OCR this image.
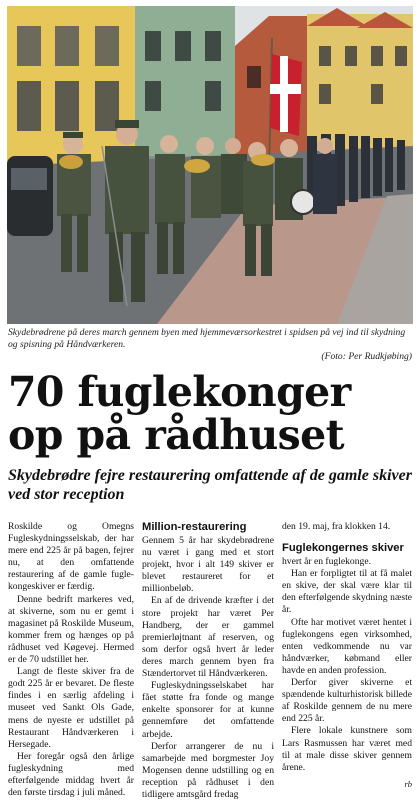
Skydebrødrene på deres march gennem byen med hjemmeværsorkestret i spidsen på vej ind til skydning og spisning på Håndværkeren.
(Foto: Per Rudkjøbing)
70 fuglekonger op på rådhuset
Skydebrødre fejre restaurering omfattende af de gamle skiver ved stor reception

Roskilde og Omegns Fugleskydningsselskab, der har mere end 225 år på bagen, fejrer nu, at den omfattende restaurering af de gamle fugle-kongeskiver er færdig.

Denne bedrift markeres ved, at skiverne, som nu er gemt i magasinet på Roskilde Museum, kommer frem og hænges op på rådhuset ved Køgevej. Hermed er de 70 udstillet her.

Langt de fleste skiver fra de godt 225 år er bevaret. De fleste findes i en særlig afdeling i museet ved Sankt Ols Gade, mens de nyeste er udstillet på Restaurant Håndværkeren i Hersegade.

Her foregår også den årlige fugleskydning med efterfølgende middag hvert år den første tirsdag i juli måned.

Million-restaurering

Gennem 5 år har skydebrødrene nu været i gang med et stort projekt, hvor i alt 149 skiver er blevet restaureret for et millionbeløb.

En af de drivende kræfter i det store projekt har været Per Handberg, der er gammel premierløjtnant af reserven, og som derfor også hvert år leder deres march gennem byen fra Stændertorvet til Håndværkeren.

Fugleskydningsselskabet har fået støtte fra fonde og mange enkelte sponsorer for at kunne gennemføre det omfattende arbejde.

Derfor arrangerer de nu i samarbejde med borgmester Joy Mogensen denne udstilling og en reception på rådhuset i den tidligere amtsgård fredag

den 19. maj, fra klokken 14.

Fuglekongernes skiver

hvert år en fuglekonge.

Han er forpligtet til at få malet en skive, der skal være klar til den efterfølgende skydning næste år.

Ofte har motivet været hentet i fuglekongens egen virksomhed, enten vedkommende nu var håndværker, købmand eller havde en anden profession.

Derfor giver skiverne et spændende kulturhistorisk billede af Roskilde gennem de nu mere end 225 år.

Flere lokale kunstnere som Lars Rasmussen har været med til at male disse skiver gennem årene.

rb
